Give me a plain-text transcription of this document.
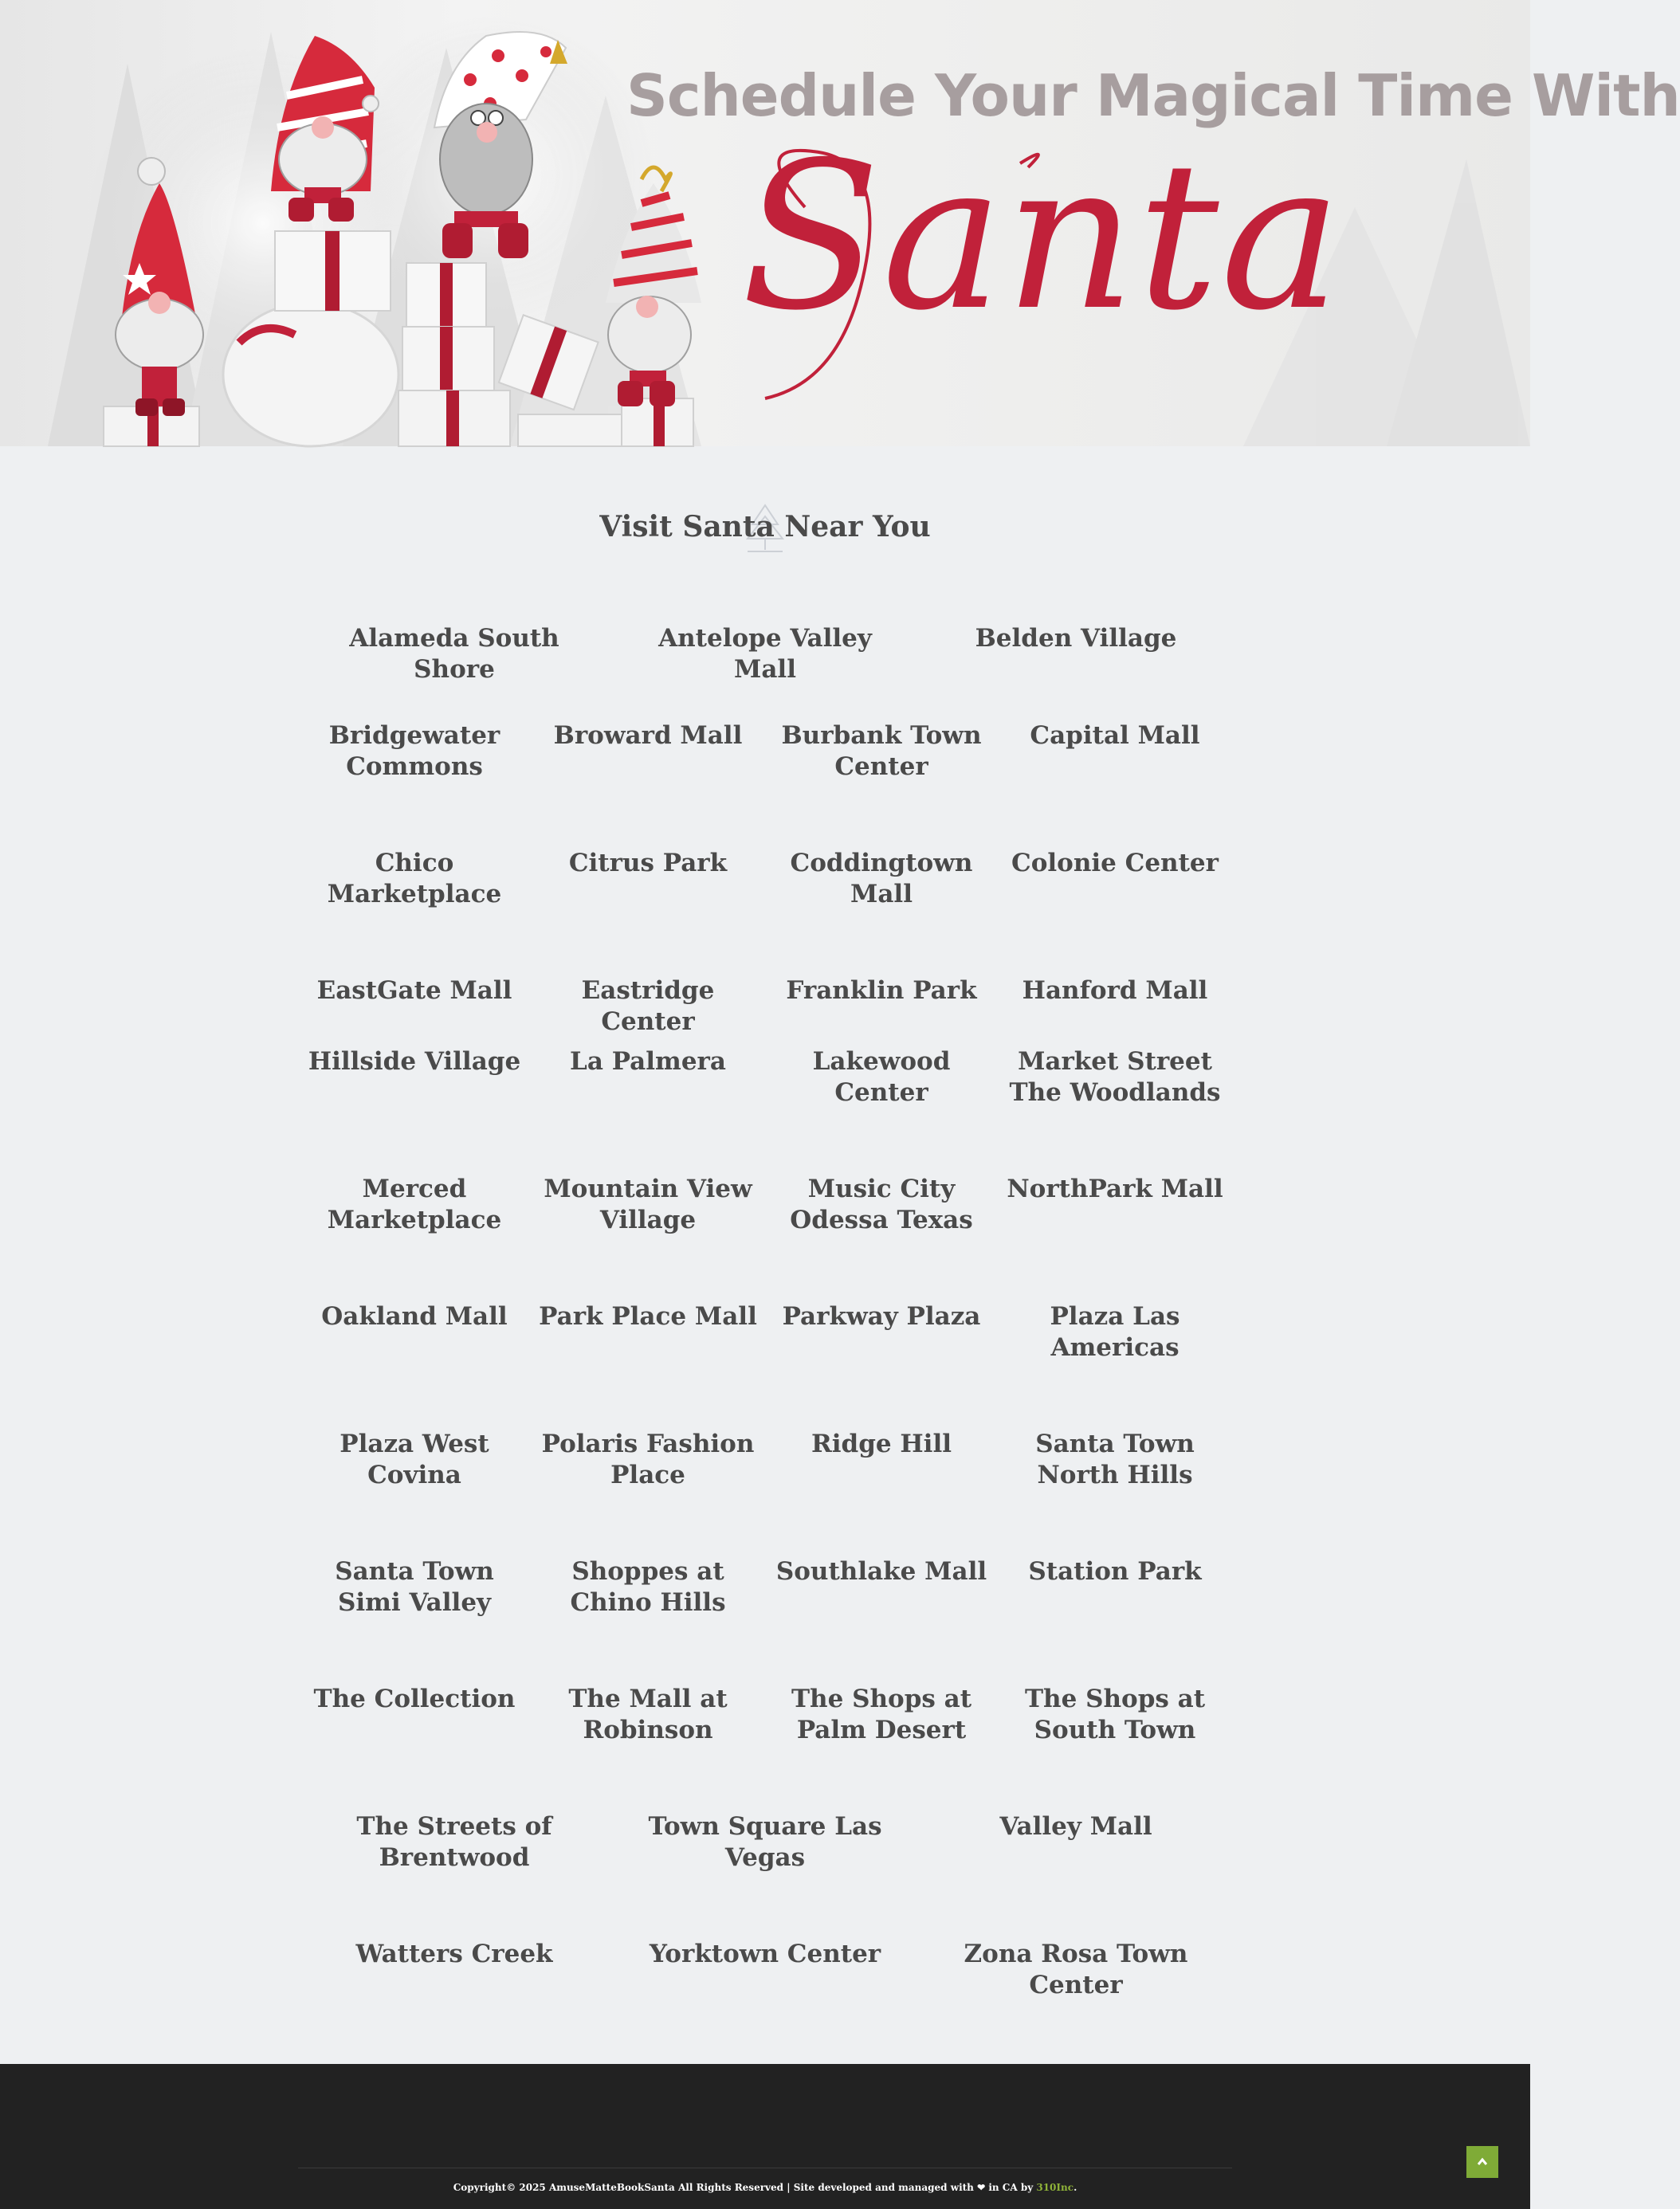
Schedule Your Magical Time With
Santa
Visit Santa Near You
Alameda South Shore
Antelope Valley Mall
Belden Village
Bridgewater Commons
Broward Mall	Burbank Town Center
Capital Mall
Chico Marketplace
Citrus Park	Coddingtown Mall
Colonie Center
EastGate Mall	Eastridge Center
Franklin Park	Hanford Mall
Hillside Village	La Palmera	Lakewood Center
Market Street The Woodlands
Merced Marketplace
Mountain View Village
Music City Odessa Texas
NorthPark Mall
Oakland Mall	Park Place Mall	Parkway Plaza	Plaza Las Americas
Plaza West Covina
Polaris Fashion Place
Ridge Hill	Santa Town North Hills
Santa Town Simi Valley
Shoppes at Chino Hills
Southlake Mall	Station Park
The Collection	The Mall at Robinson
The Shops at Palm Desert
The Shops at South Town
The Streets of Brentwood
Town Square Las Vegas
Valley Mall
Watters Creek	Yorktown Center	Zona Rosa Town Center
Copyright© 2025 AmuseMatteBookSanta All Rights Reserved | Site developed and managed with ❤ in CA by 310Inc.
